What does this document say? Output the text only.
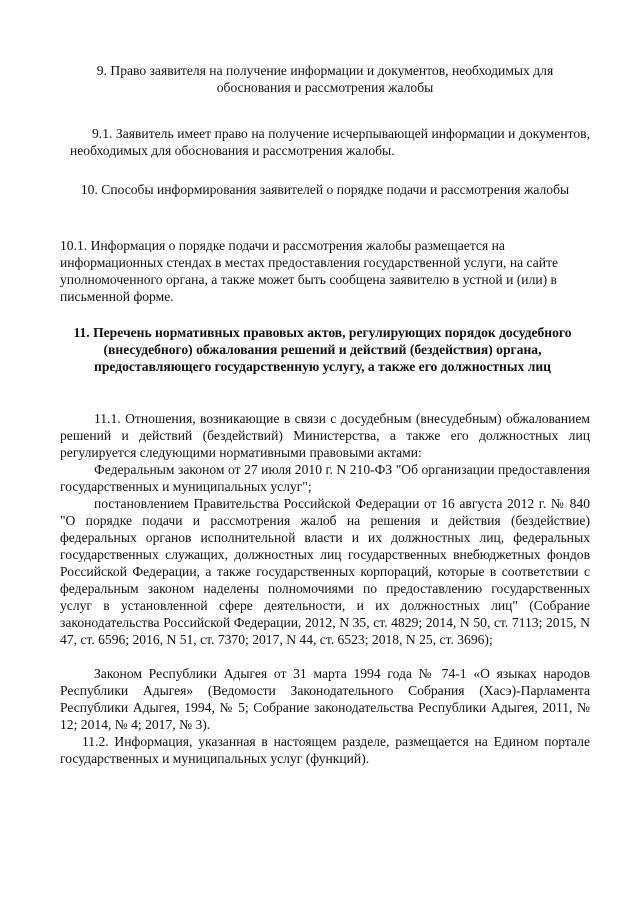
9. Право заявителя на получение информации и документов, необходимых для обоснования и рассмотрения жалобы

9.1. Заявитель имеет право на получение исчерпывающей информации и документов, необходимых для обоснования и рассмотрения жалобы.

10. Способы информирования заявителей о порядке подачи и рассмотрения жалобы

10.1. Информация о порядке подачи и рассмотрения жалобы размещается на информационных стендах в местах предоставления государственной услуги, на сайте уполномоченного органа, а также может быть сообщена заявителю в устной и (или) в письменной форме.

11. Перечень нормативных правовых актов, регулирующих порядок досудебного (внесудебного) обжалования решений и действий (бездействия) органа, предоставляющего государственную услугу, а также его должностных лиц

11.1. Отношения, возникающие в связи с досудебным (внесудебным) обжалованием решений и действий (бездействий) Министерства, а также его должностных лиц регулируется следующими нормативными правовыми актами:

Федеральным законом от 27 июля 2010 г. N 210-ФЗ "Об организации предоставления государственных и муниципальных услуг";

постановлением Правительства Российской Федерации от 16 августа 2012 г. № 840 "О порядке подачи и рассмотрения жалоб на решения и действия (бездействие) федеральных органов исполнительной власти и их должностных лиц, федеральных государственных служащих, должностных лиц государственных внебюджетных фондов Российской Федерации, а также государственных корпораций, которые в соответствии с федеральным законом наделены полномочиями по предоставлению государственных услуг в установленной сфере деятельности, и их должностных лиц" (Собрание законодательства Российской Федерации, 2012, N 35, ст. 4829; 2014, N 50, ст. 7113; 2015, N 47, ст. 6596; 2016, N 51, ст. 7370; 2017, N 44, ст. 6523; 2018, N 25, ст. 3696);

Законом Республики Адыгея от 31 марта 1994 года № 74-1 «О языках народов Республики Адыгея» (Ведомости Законодательного Собрания (Хасэ)-Парламента Республики Адыгея, 1994, № 5; Собрание законодательства Республики Адыгея, 2011, № 12; 2014, № 4; 2017, № 3).

11.2. Информация, указанная в настоящем разделе, размещается на Едином портале государственных и муниципальных услуг (функций).
